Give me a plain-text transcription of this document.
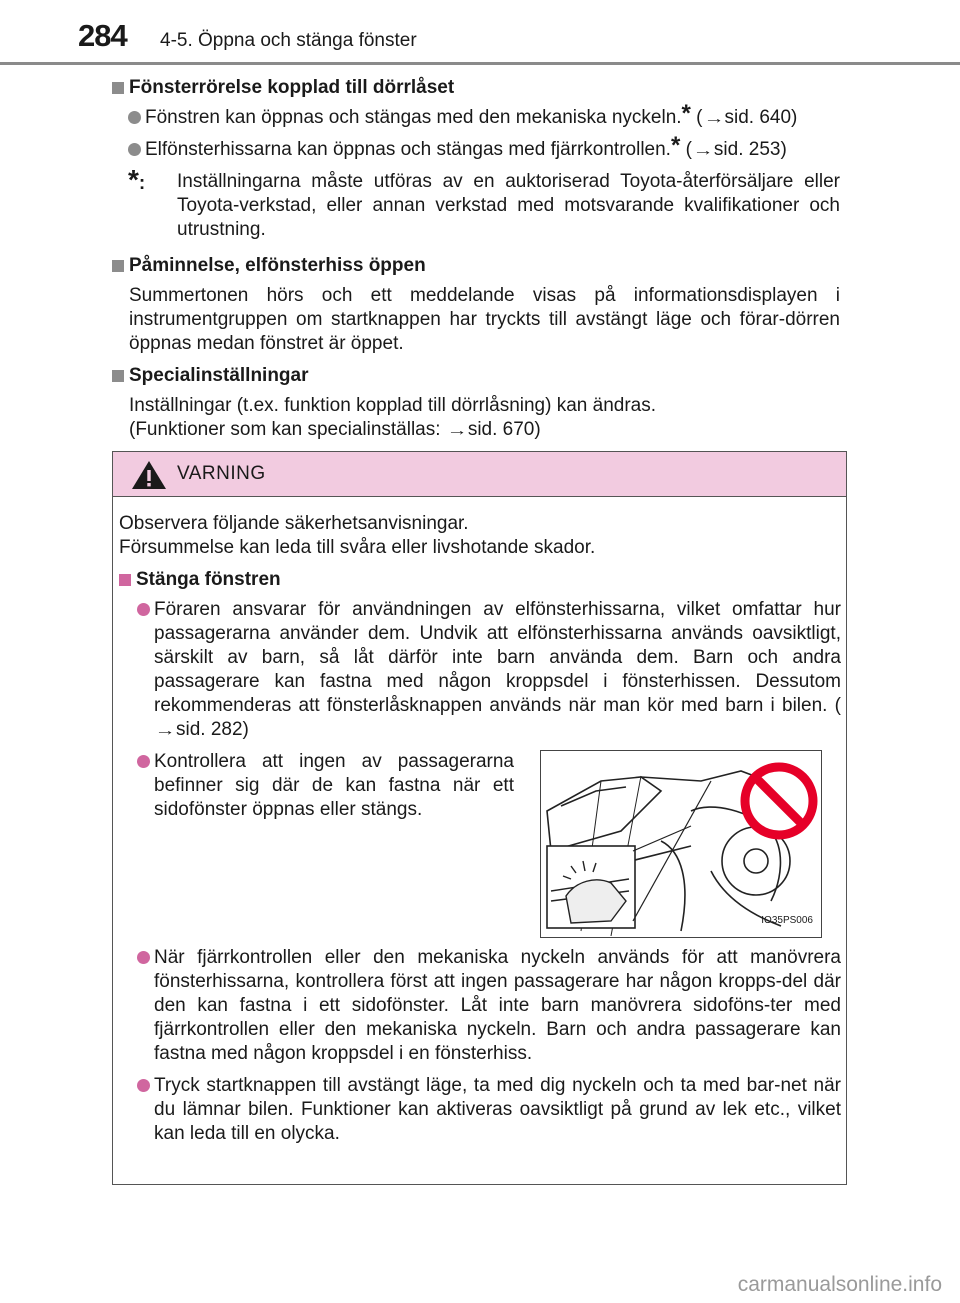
284 4-5. Öppna och stänga fönster
Fönsterrörelse kopplad till dörrlåset
Fönstren kan öppnas och stängas med den mekaniska nyckeln.* (→sid. 640)
Elfönsterhissarna kan öppnas och stängas med fjärrkontrollen.* (→sid. 253)
*: Inställningarna måste utföras av en auktoriserad Toyota-återförsäljare eller Toyota-verkstad, eller annan verkstad med motsvarande kvalifikationer och utrustning.
Påminnelse, elfönsterhiss öppen
Summertonen hörs och ett meddelande visas på informationsdisplayen i instrumentgruppen om startknappen har tryckts till avstängt läge och förar-dörren öppnas medan fönstret är öppet.
Specialinställningar
Inställningar (t.ex. funktion kopplad till dörrlåsning) kan ändras.
(Funktioner som kan specialinställas: →sid. 670)
VARNING
Observera följande säkerhetsanvisningar.
Försummelse kan leda till svåra eller livshotande skador.
Stänga fönstren
Föraren ansvarar för användningen av elfönsterhissarna, vilket omfattar hur passagerarna använder dem. Undvik att elfönsterhissarna används oavsiktligt, särskilt av barn, så låt därför inte barn använda dem. Barn och andra passagerare kan fastna med någon kroppsdel i fönsterhissen. Dessutom rekommenderas att fönsterlåsknappen används när man kör med barn i bilen. (→sid. 282)
Kontrollera att ingen av passagerarna befinner sig där de kan fastna när ett sidofönster öppnas eller stängs.
IO35PS006
När fjärrkontrollen eller den mekaniska nyckeln används för att manövrera fönsterhissarna, kontrollera först att ingen passagerare har någon kropps-del där den kan fastna i ett sidofönster. Låt inte barn manövrera sidoföns-ter med fjärrkontrollen eller den mekaniska nyckeln. Barn och andra passagerare kan fastna med någon kroppsdel i en fönsterhiss.
Tryck startknappen till avstängt läge, ta med dig nyckeln och ta med bar-net när du lämnar bilen. Funktioner kan aktiveras oavsiktligt på grund av lek etc., vilket kan leda till en olycka.
carmanualsonline.info
